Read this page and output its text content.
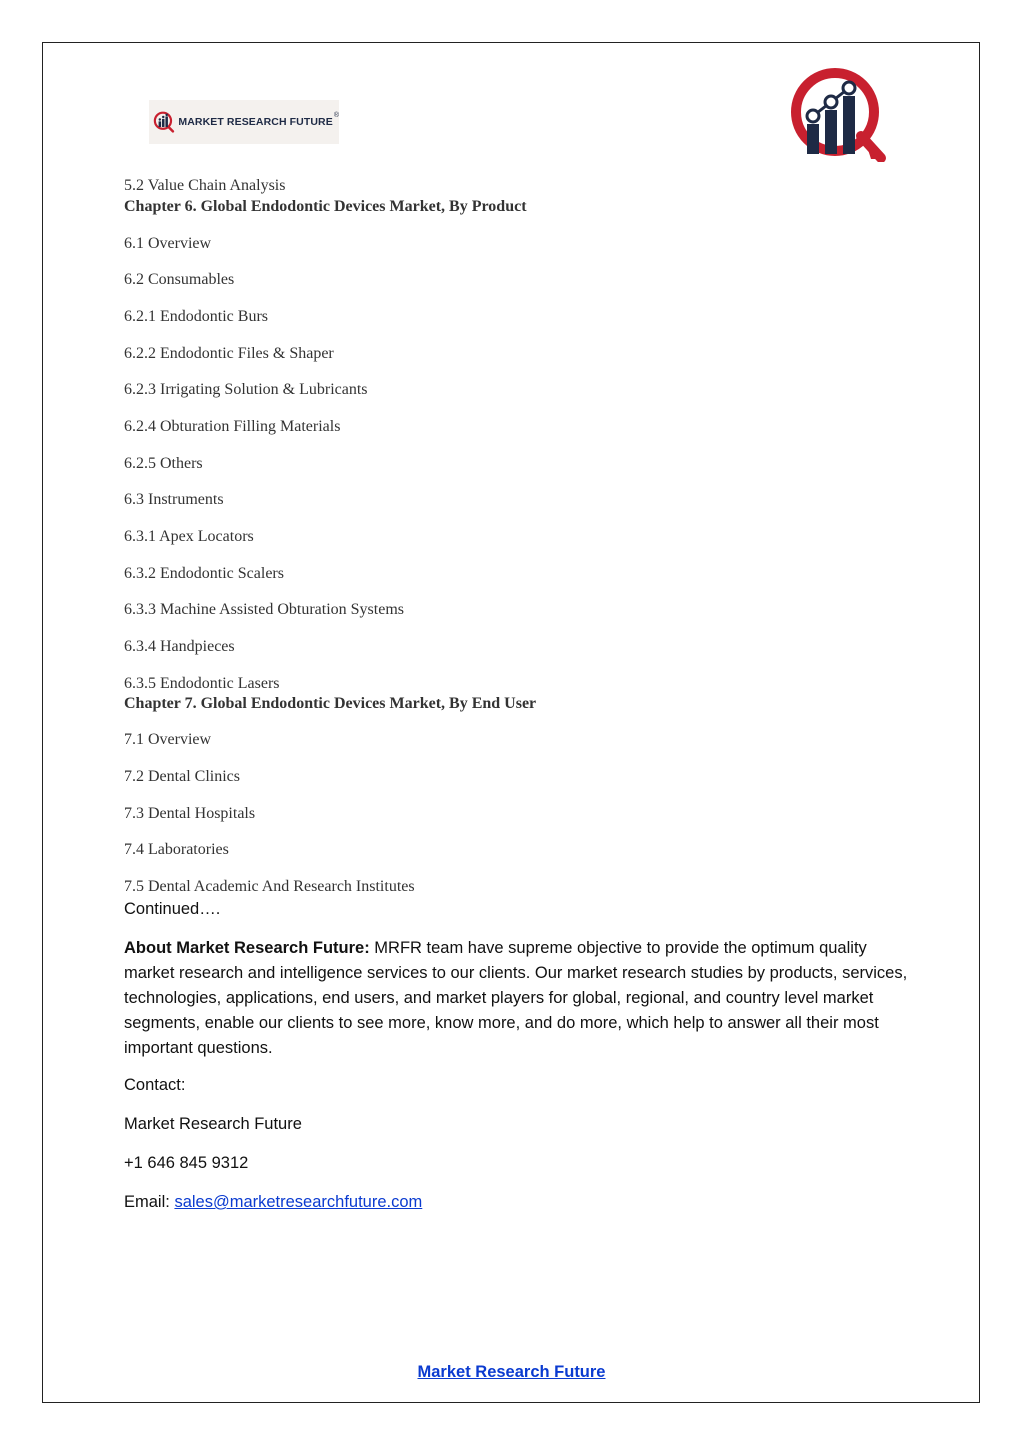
MARKET RESEARCH FUTURE
®
5.2 Value Chain Analysis
Chapter 6. Global Endodontic Devices Market, By Product
6.1 Overview
6.2 Consumables
6.2.1 Endodontic Burs
6.2.2 Endodontic Files & Shaper
6.2.3 Irrigating Solution & Lubricants
6.2.4 Obturation Filling Materials
6.2.5 Others
6.3 Instruments
6.3.1 Apex Locators
6.3.2 Endodontic Scalers
6.3.3 Machine Assisted Obturation Systems
6.3.4 Handpieces
6.3.5 Endodontic Lasers
Chapter 7. Global Endodontic Devices Market, By End User
7.1 Overview
7.2 Dental Clinics
7.3 Dental Hospitals
7.4 Laboratories
7.5 Dental Academic And Research Institutes
Continued….
About Market Research Future: MRFR team have supreme objective to provide the optimum quality market research and intelligence services to our clients. Our market research studies by products, services, technologies, applications, end users, and market players for global, regional, and country level market segments, enable our clients to see more, know more, and do more, which help to answer all their most important questions.
Contact:
Market Research Future
+1 646 845 9312
Email: sales@marketresearchfuture.com
Market Research Future
